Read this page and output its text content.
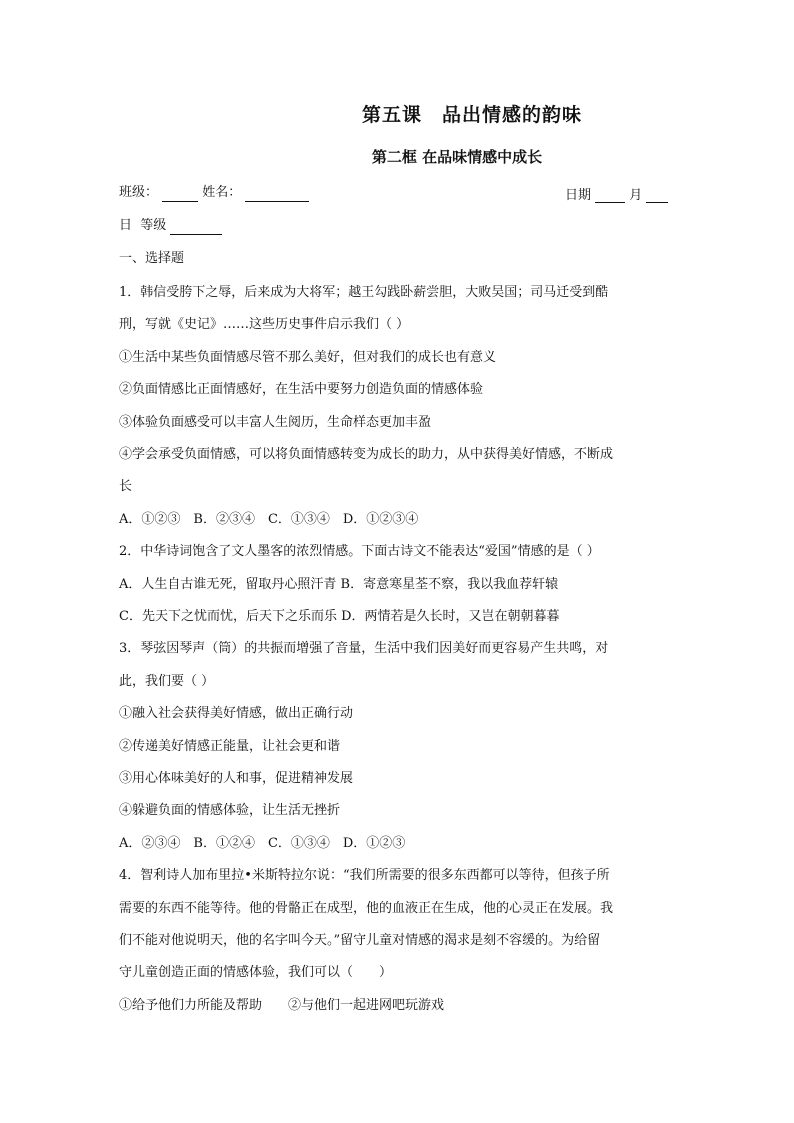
第五课　品出情感的韵味
第二框 在品味情感中成长
班级：	姓名：	日期	月
日 等级
一、选择题
1．韩信受胯下之辱，后来成为大将军；越王勾践卧薪尝胆，大败吴国；司马迁受到酷
刑，写就《史记》……这些历史事件启示我们（ ）
①生活中某些负面情感尽管不那么美好，但对我们的成长也有意义
②负面情感比正面情感好，在生活中要努力创造负面的情感体验
③体验负面感受可以丰富人生阅历，生命样态更加丰盈
④学会承受负面情感，可以将负面情感转变为成长的助力，从中获得美好情感，不断成
长
A．①②③　B．②③④　C．①③④　D．①②③④
2．中华诗词饱含了文人墨客的浓烈情感。下面古诗文不能表达“爱国”情感的是（ ）
A．人生自古谁无死，留取丹心照汗青 B．寄意寒星荃不察，我以我血荐轩辕
C．先天下之忧而忧，后天下之乐而乐 D．两情若是久长时，又岂在朝朝暮暮
3．琴弦因琴声（筒）的共振而增强了音量，生活中我们因美好而更容易产生共鸣，对
此，我们要（ ）
①融入社会获得美好情感，做出正确行动
②传递美好情感正能量，让社会更和谐
③用心体味美好的人和事，促进精神发展
④躲避负面的情感体验，让生活无挫折
A．②③④　B．①②④　C．①③④　D．①②③
4．智利诗人加布里拉•米斯特拉尔说：“我们所需要的很多东西都可以等待，但孩子所
需要的东西不能等待。他的骨骼正在成型，他的血液正在生成，他的心灵正在发展。我
们不能对他说明天，他的名字叫今天。”留守儿童对情感的渴求是刻不容缓的。为给留
守儿童创造正面的情感体验，我们可以（　　）
①给予他们力所能及帮助　　②与他们一起进网吧玩游戏
